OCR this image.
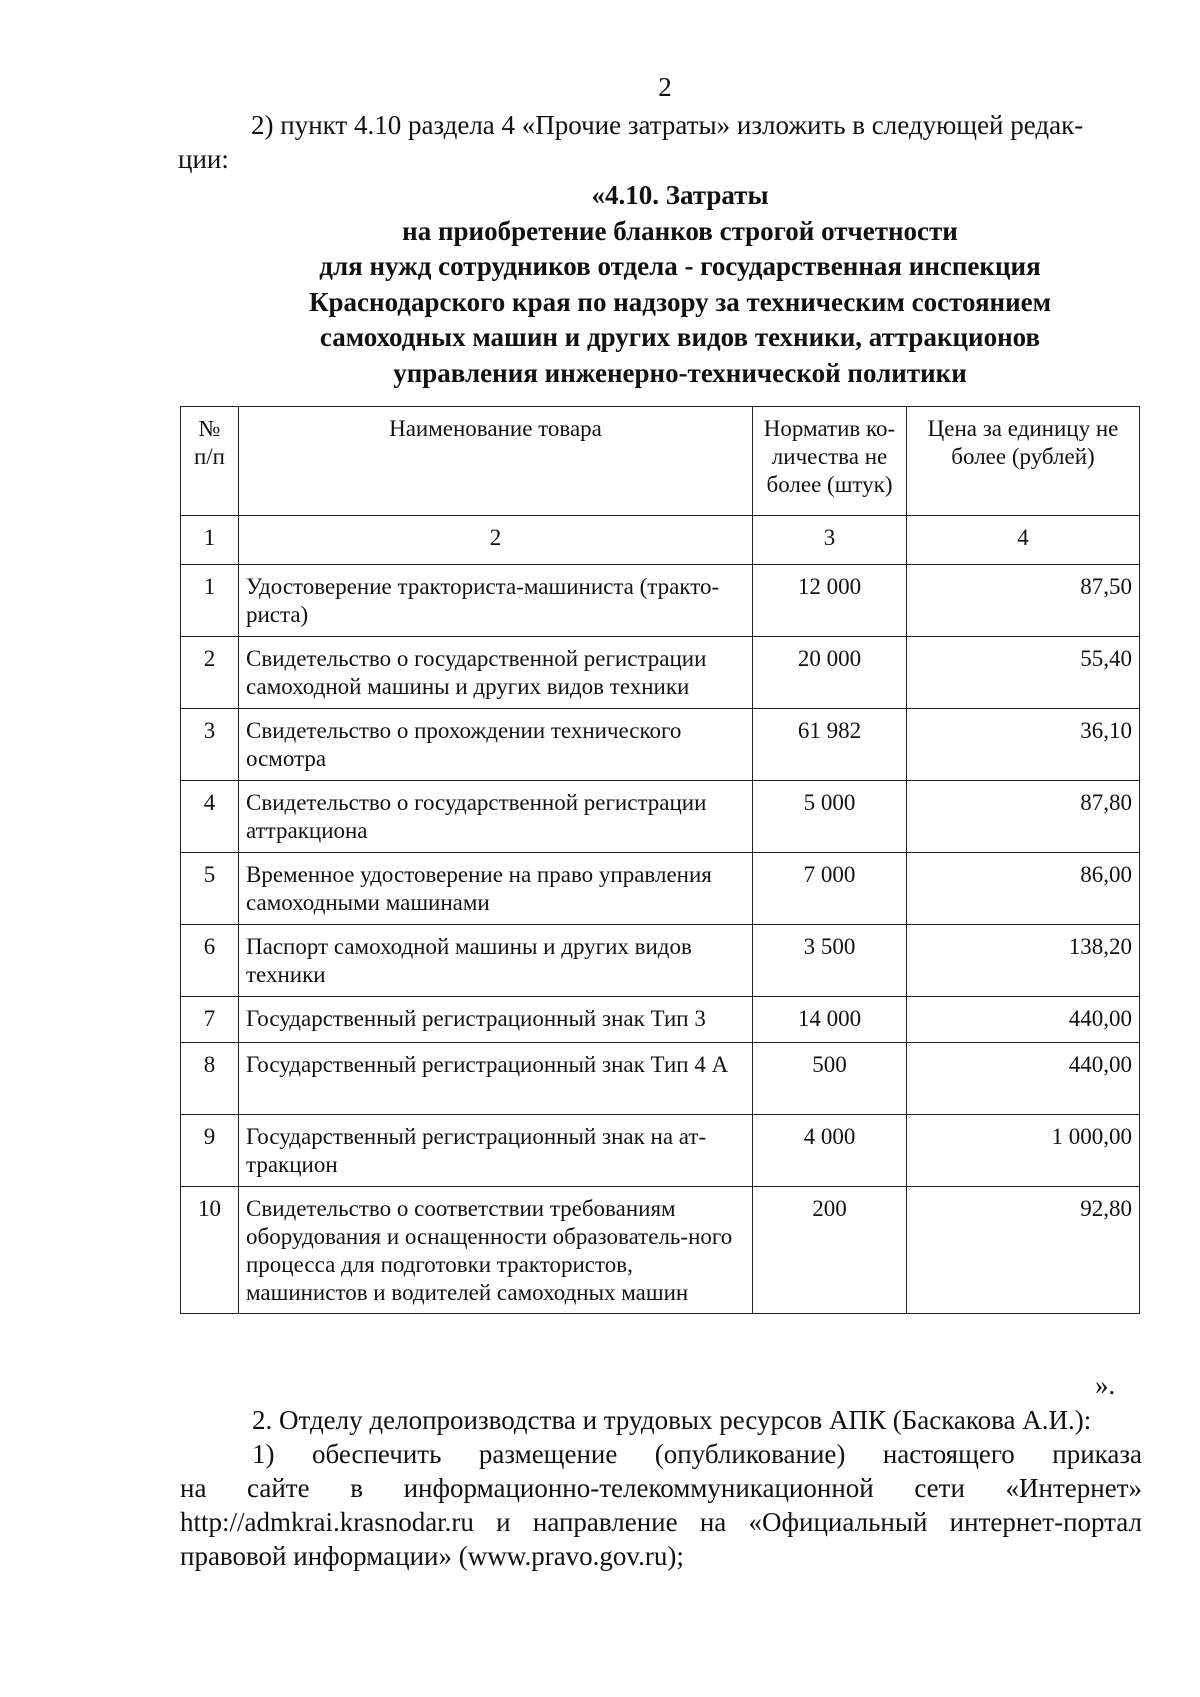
2
2) пункт 4.10 раздела 4 «Прочие затраты» изложить в следующей редак-
ции:
«4.10. Затраты
на приобретение бланков строгой отчетности
для нужд сотрудников отдела - государственная инспекция
Краснодарского края по надзору за техническим состоянием
самоходных машин и других видов техники, аттракционов
управления инженерно-технической политики
№ п/п	Наименование товара	Норматив ко-личества не более (штук)	Цена за единицу не более (рублей)
1	2	3	4
1	Удостоверение тракториста-машиниста (тракто-риста)	12 000	87,50
2	Свидетельство о государственной регистрации самоходной машины и других видов техники	20 000	55,40
3	Свидетельство о прохождении технического осмотра	61 982	36,10
4	Свидетельство о государственной регистрации аттракциона	5 000	87,80
5	Временное удостоверение на право управления самоходными машинами	7 000	86,00
6	Паспорт самоходной машины и других видов техники	3 500	138,20
7	Государственный регистрационный знак Тип 3	14 000	440,00
8	Государственный регистрационный знак Тип 4 А	500	440,00
9	Государственный регистрационный знак на ат-тракцион	4 000	1 000,00
10	Свидетельство о соответствии требованиям оборудования и оснащенности образователь-ного процесса для подготовки трактористов, машинистов и водителей самоходных машин	200	92,80
».
2. Отделу делопроизводства и трудовых ресурсов АПК (Баскакова А.И.):
1) обеспечить размещение (опубликование) настоящего приказа
на сайте в информационно-телекоммуникационной сети «Интернет»
http://admkrai.krasnodar.ru и направление на «Официальный интернет-портал
правовой информации» (www.pravo.gov.ru);
